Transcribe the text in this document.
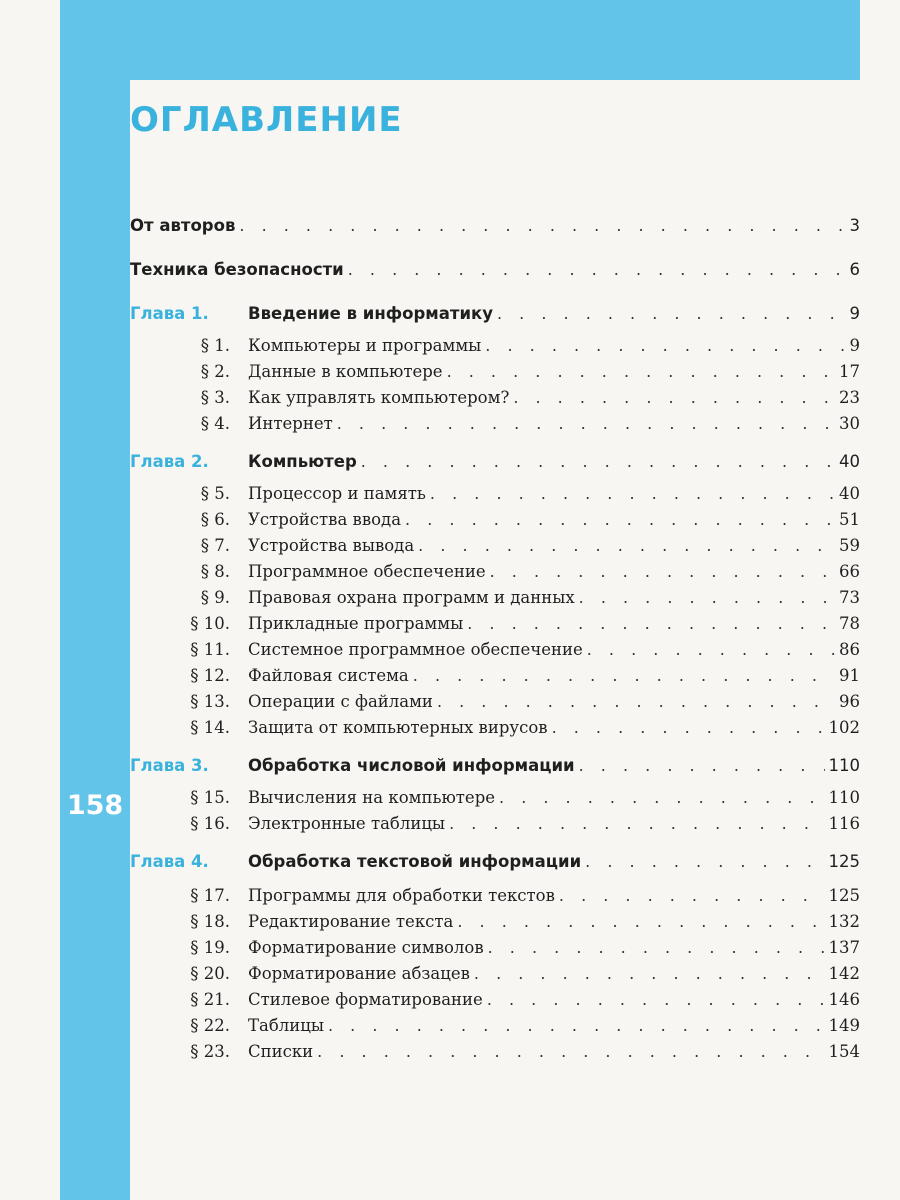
158
ОГЛАВЛЕНИЕ
От авторов . . .	3
Техника безопасности . . .	6
Глава 1.	Введение в информатику . . .	9
§ 1.	Компьютеры и программы . . .	9
§ 2.	Данные в компьютере . . .	17
§ 3.	Как управлять компьютером? . . .	23
§ 4.	Интернет . . .	30
Глава 2.	Компьютер . . .	40
§ 5.	Процессор и память . . .	40
§ 6.	Устройства ввода . . .	51
§ 7.	Устройства вывода . . .	59
§ 8.	Программное обеспечение . . .	66
§ 9.	Правовая охрана программ и данных . . .	73
§ 10.	Прикладные программы . . .	78
§ 11.	Системное программное обеспечение . . .	86
§ 12.	Файловая система . . .	91
§ 13.	Операции с файлами . . .	96
§ 14.	Защита от компьютерных вирусов . . .	102
Глава 3.	Обработка числовой информации . . .	110
§ 15.	Вычисления на компьютере . . .	110
§ 16.	Электронные таблицы . . .	116
Глава 4.	Обработка текстовой информации . . .	125
§ 17.	Программы для обработки текстов . . .	125
§ 18.	Редактирование текста . . .	132
§ 19.	Форматирование символов . . .	137
§ 20.	Форматирование абзацев . . .	142
§ 21.	Стилевое форматирование . . .	146
§ 22.	Таблицы . . .	149
§ 23.	Списки . . .	154
